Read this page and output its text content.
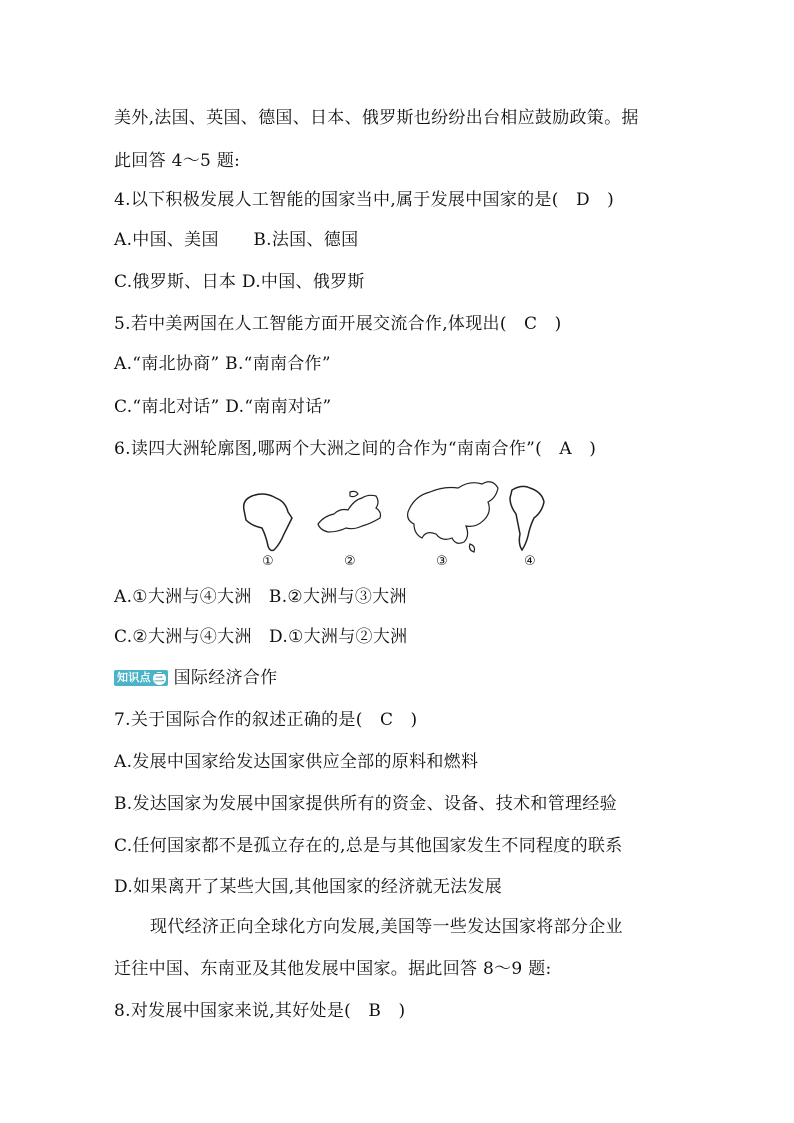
美外,法国、英国、德国、日本、俄罗斯也纷纷出台相应鼓励政策。据
此回答 4～5 题:
4.以下积极发展人工智能的国家当中,属于发展中国家的是(　D　)
A.中国、美国　　B.法国、德国
C.俄罗斯、日本 D.中国、俄罗斯
5.若中美两国在人工智能方面开展交流合作,体现出(　C　)
A.“南北协商” B.“南南合作”
C.“南北对话” D.“南南对话”
6.读四大洲轮廓图,哪两个大洲之间的合作为“南南合作”(　A　)
①	②	③	④
A.①大洲与④大洲　B.②大洲与③大洲
C.②大洲与④大洲　D.①大洲与②大洲
知识点 三 国际经济合作
7.关于国际合作的叙述正确的是(　C　)
A.发展中国家给发达国家供应全部的原料和燃料
B.发达国家为发展中国家提供所有的资金、设备、技术和管理经验
C.任何国家都不是孤立存在的,总是与其他国家发生不同程度的联系
D.如果离开了某些大国,其他国家的经济就无法发展
现代经济正向全球化方向发展,美国等一些发达国家将部分企业
迁往中国、东南亚及其他发展中国家。据此回答 8～9 题:
8.对发展中国家来说,其好处是(　B　)
